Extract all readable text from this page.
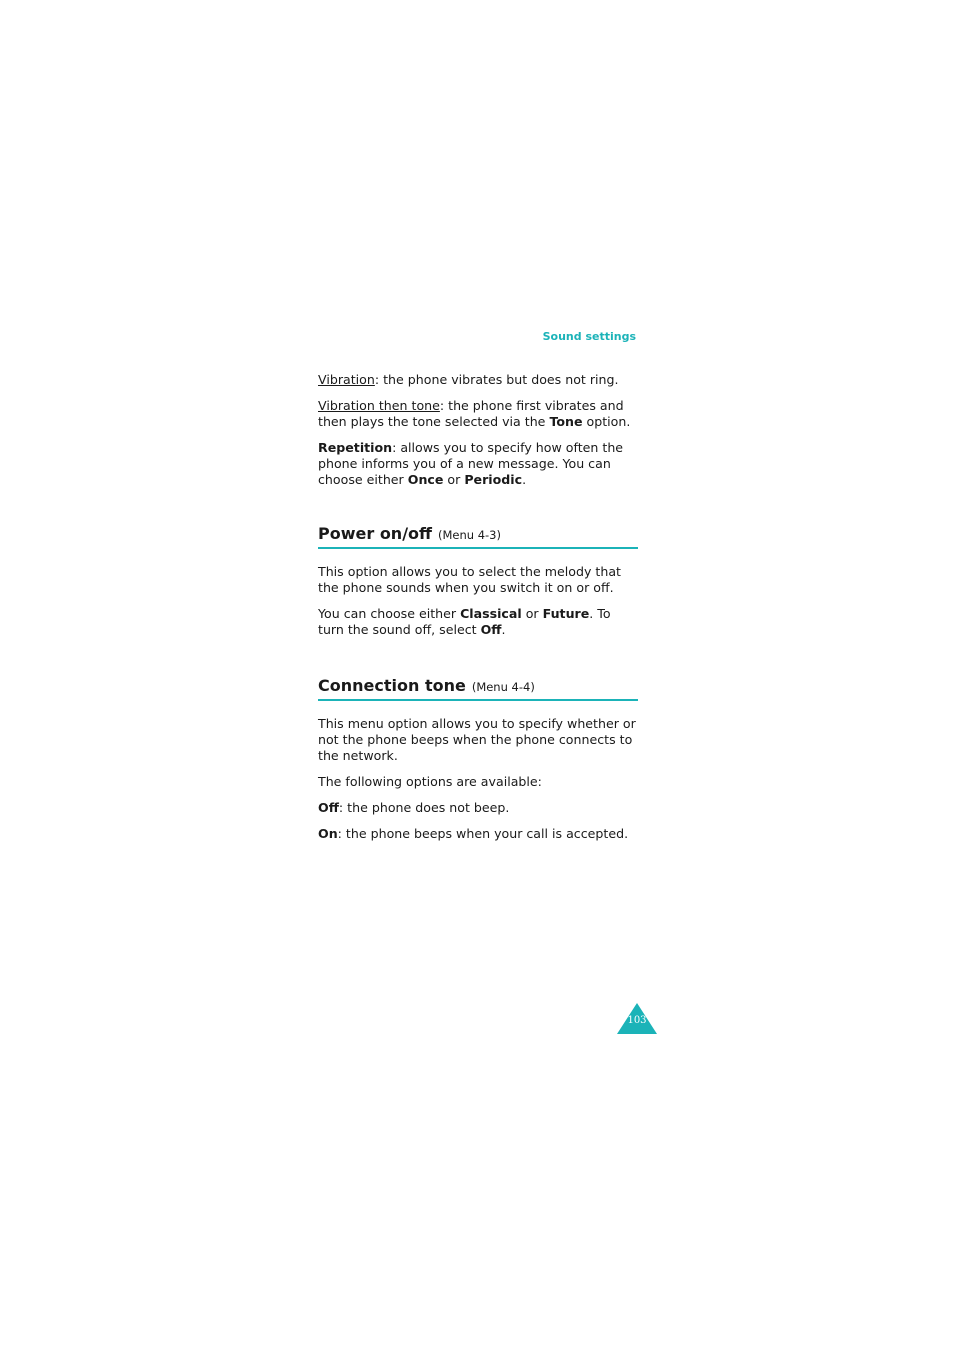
Sound settings

Vibration: the phone vibrates but does not ring.

Vibration then tone: the phone first vibrates and then plays the tone selected via the Tone option.

Repetition: allows you to specify how often the phone informs you of a new message. You can choose either Once or Periodic.

Power on/off (Menu 4-3)

This option allows you to select the melody that the phone sounds when you switch it on or off.

You can choose either Classical or Future. To turn the sound off, select Off.

Connection tone (Menu 4-4)

This menu option allows you to specify whether or not the phone beeps when the phone connects to the network.

The following options are available:

Off: the phone does not beep.

On: the phone beeps when your call is accepted.

103
